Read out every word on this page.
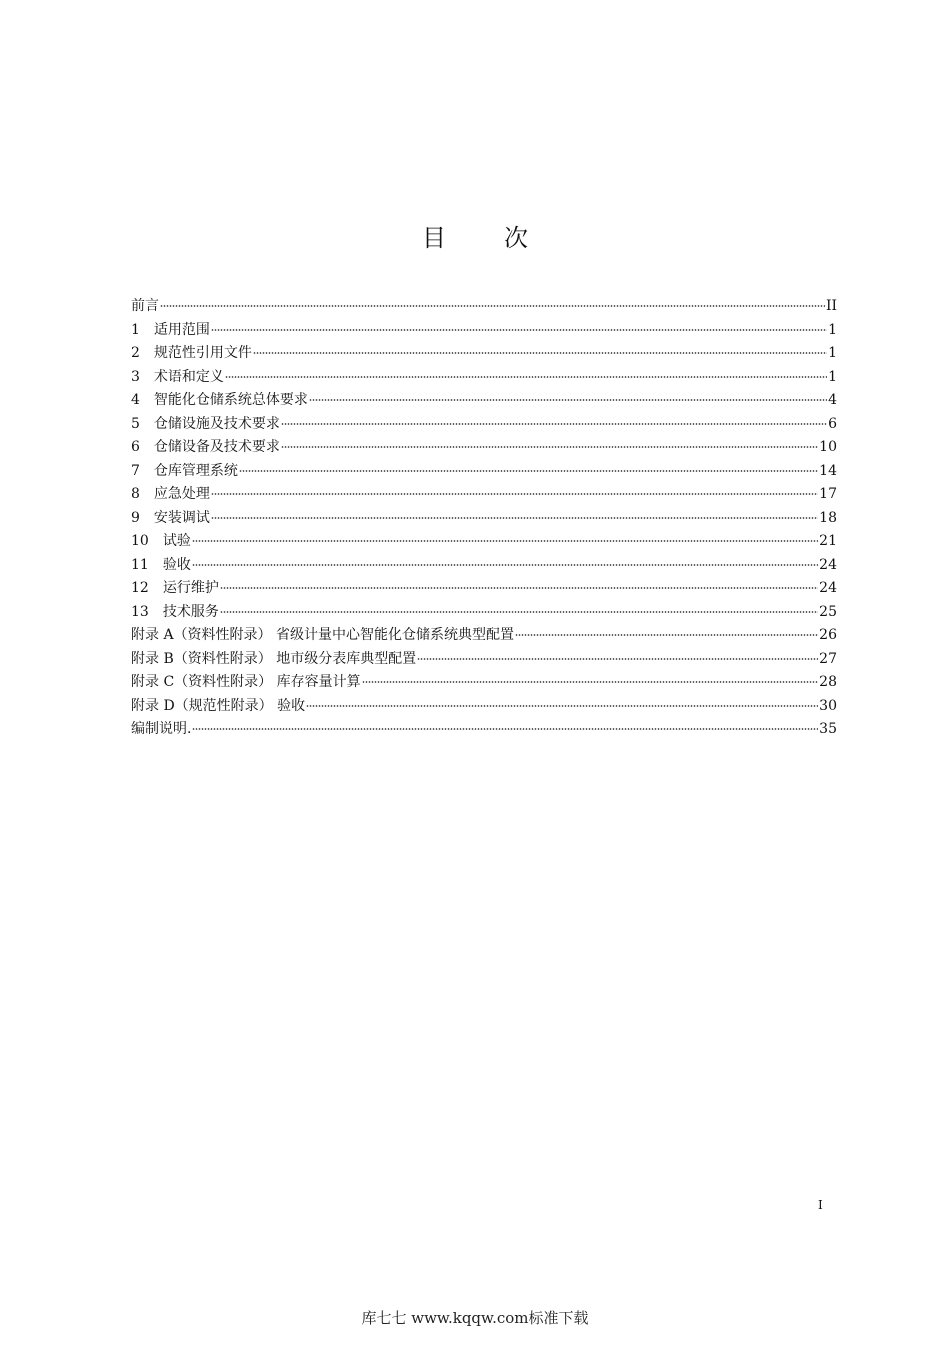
目 次
前言	II
1 适用范围	1
2 规范性引用文件	1
3 术语和定义	1
4 智能化仓储系统总体要求	4
5 仓储设施及技术要求	6
6 仓储设备及技术要求	10
7 仓库管理系统	14
8 应急处理	17
9 安装调试	18
10 试验	21
11 验收	24
12 运行维护	24
13 技术服务	25
附录 A（资料性附录） 省级计量中心智能化仓储系统典型配置	26
附录 B（资料性附录） 地市级分表库典型配置	27
附录 C（资料性附录） 库存容量计算	28
附录 D（规范性附录） 验收	30
编制说明.	35
I
库七七 www.kqqw.com标准下载
